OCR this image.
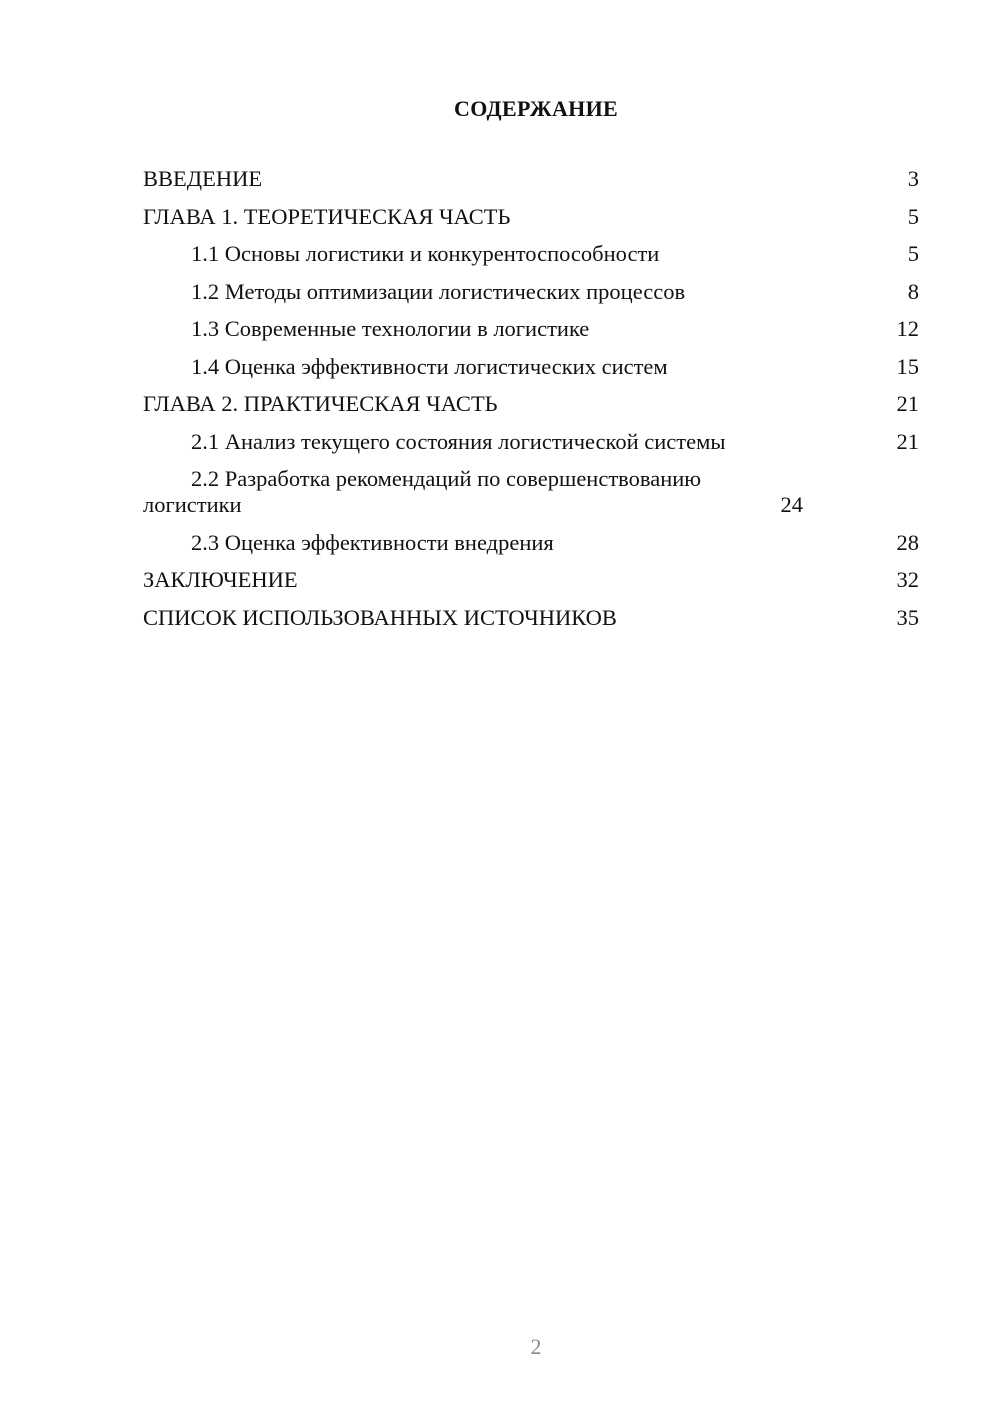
СОДЕРЖАНИЕ
ВВЕДЕНИЕ	3
ГЛАВА 1. ТЕОРЕТИЧЕСКАЯ ЧАСТЬ	5
1.1 Основы логистики и конкурентоспособности	5
1.2 Методы оптимизации логистических процессов	8
1.3 Современные технологии в логистике	12
1.4 Оценка эффективности логистических систем	15
ГЛАВА 2. ПРАКТИЧЕСКАЯ ЧАСТЬ	21
2.1 Анализ текущего состояния логистической системы	21
2.2 Разработка рекомендаций по совершенствованию логистики	24
2.3 Оценка эффективности внедрения	28
ЗАКЛЮЧЕНИЕ	32
СПИСОК ИСПОЛЬЗОВАННЫХ ИСТОЧНИКОВ	35
2
